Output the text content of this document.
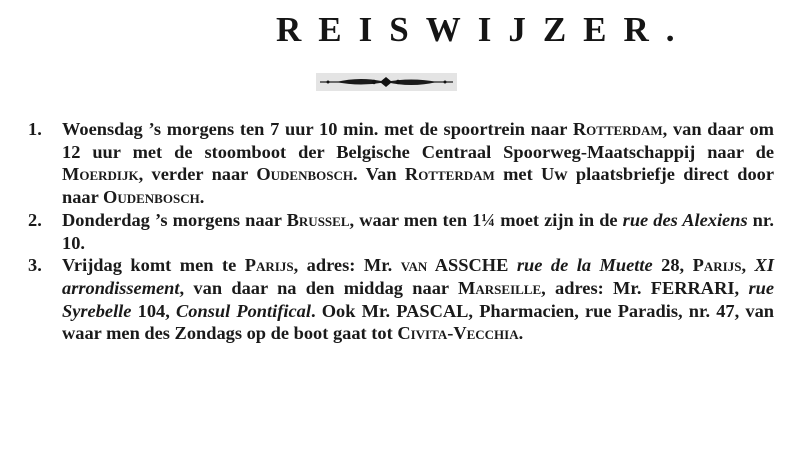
REISWIJZER.
1. Woensdag ’s morgens ten 7 uur 10 min. met de spoortrein naar Rotterdam, van daar om 12 uur met de stoomboot der Belgische Centraal Spoorweg-Maatschappij naar de Moerdijk, verder naar Oudenbosch. Van Rotterdam met Uw plaatsbriefje direct door naar Oudenbosch.
2. Donderdag ’s morgens naar Brussel, waar men ten 1¼ moet zijn in de rue des Alexiens nr. 10.
3. Vrijdag komt men te Parijs, adres: Mr. van ASSCHE rue de la Muette 28, Parijs, XI arrondissement, van daar na den middag naar Marseille, adres: Mr. FERRARI, rue Syrebelle 104, Consul Pontifical. Ook Mr. PASCAL, Pharmacien, rue Paradis, nr. 47, van waar men des Zondags op de boot gaat tot Civita-Vecchia.
